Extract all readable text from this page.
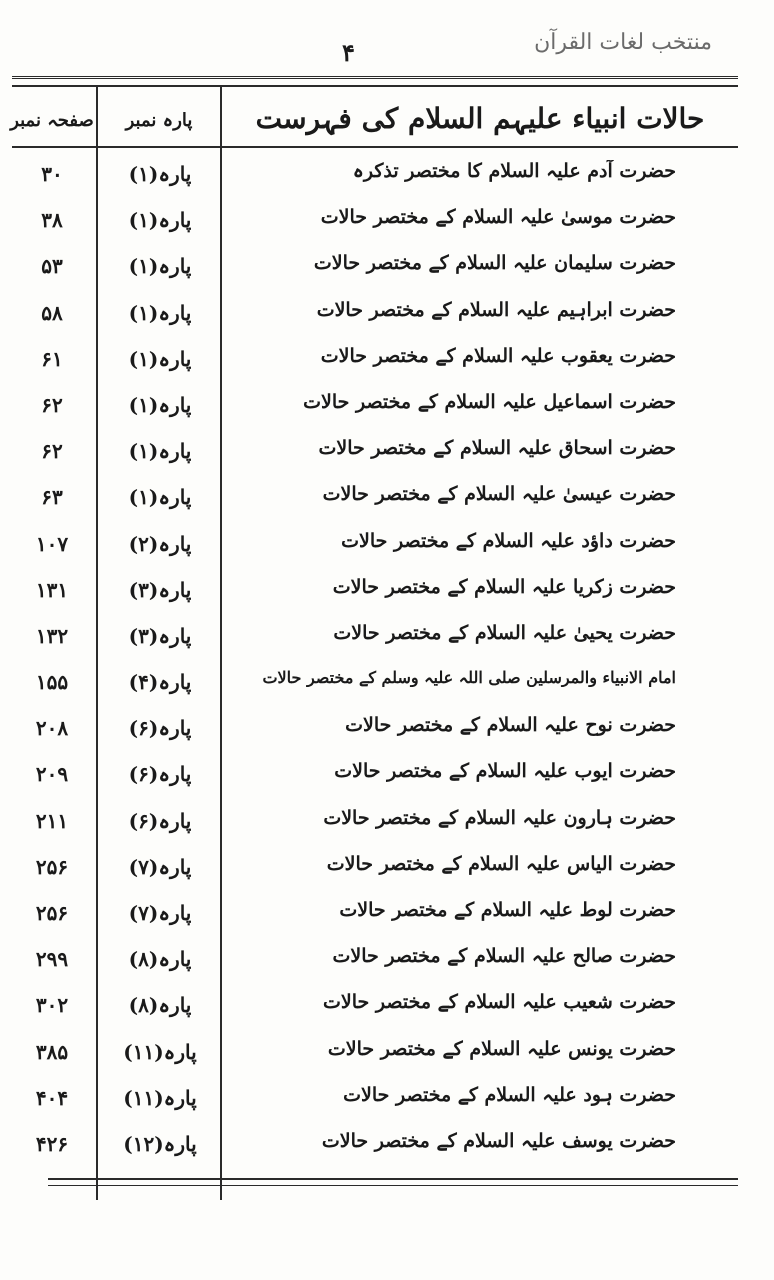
منتخب لغات القرآن
۴
حالات انبیاء علیہم السلام کی فہرست
پارہ نمبر
صفحہ نمبر
حضرت آدم علیہ السلام کا مختصر تذکرہ
پارہ(۱)
۳۰
حضرت موسیٰ علیہ السلام کے مختصر حالات
پارہ(۱)
۳۸
حضرت سلیمان علیہ السلام کے مختصر حالات
پارہ(۱)
۵۳
حضرت ابراہیم علیہ السلام کے مختصر حالات
پارہ(۱)
۵۸
حضرت یعقوب علیہ السلام کے مختصر حالات
پارہ(۱)
۶۱
حضرت اسماعیل علیہ السلام کے مختصر حالات
پارہ(۱)
۶۲
حضرت اسحاق علیہ السلام کے مختصر حالات
پارہ(۱)
۶۲
حضرت عیسیٰ علیہ السلام کے مختصر حالات
پارہ(۱)
۶۳
حضرت داؤد علیہ السلام کے مختصر حالات
پارہ(۲)
۱۰۷
حضرت زکریا علیہ السلام کے مختصر حالات
پارہ(۳)
۱۳۱
حضرت یحییٰ علیہ السلام کے مختصر حالات
پارہ(۳)
۱۳۲
امام الانبیاء والمرسلین صلی اللہ علیہ وسلم کے مختصر حالات
پارہ(۴)
۱۵۵
حضرت نوح علیہ السلام کے مختصر حالات
پارہ(۶)
۲۰۸
حضرت ایوب علیہ السلام کے مختصر حالات
پارہ(۶)
۲۰۹
حضرت ہارون علیہ السلام کے مختصر حالات
پارہ(۶)
۲۱۱
حضرت الیاس علیہ السلام کے مختصر حالات
پارہ(۷)
۲۵۶
حضرت لوط علیہ السلام کے مختصر حالات
پارہ(۷)
۲۵۶
حضرت صالح علیہ السلام کے مختصر حالات
پارہ(۸)
۲۹۹
حضرت شعیب علیہ السلام کے مختصر حالات
پارہ(۸)
۳۰۲
حضرت یونس علیہ السلام کے مختصر حالات
پارہ(۱۱)
۳۸۵
حضرت ہود علیہ السلام کے مختصر حالات
پارہ(۱۱)
۴۰۴
حضرت یوسف علیہ السلام کے مختصر حالات
پارہ(۱۲)
۴۲۶
